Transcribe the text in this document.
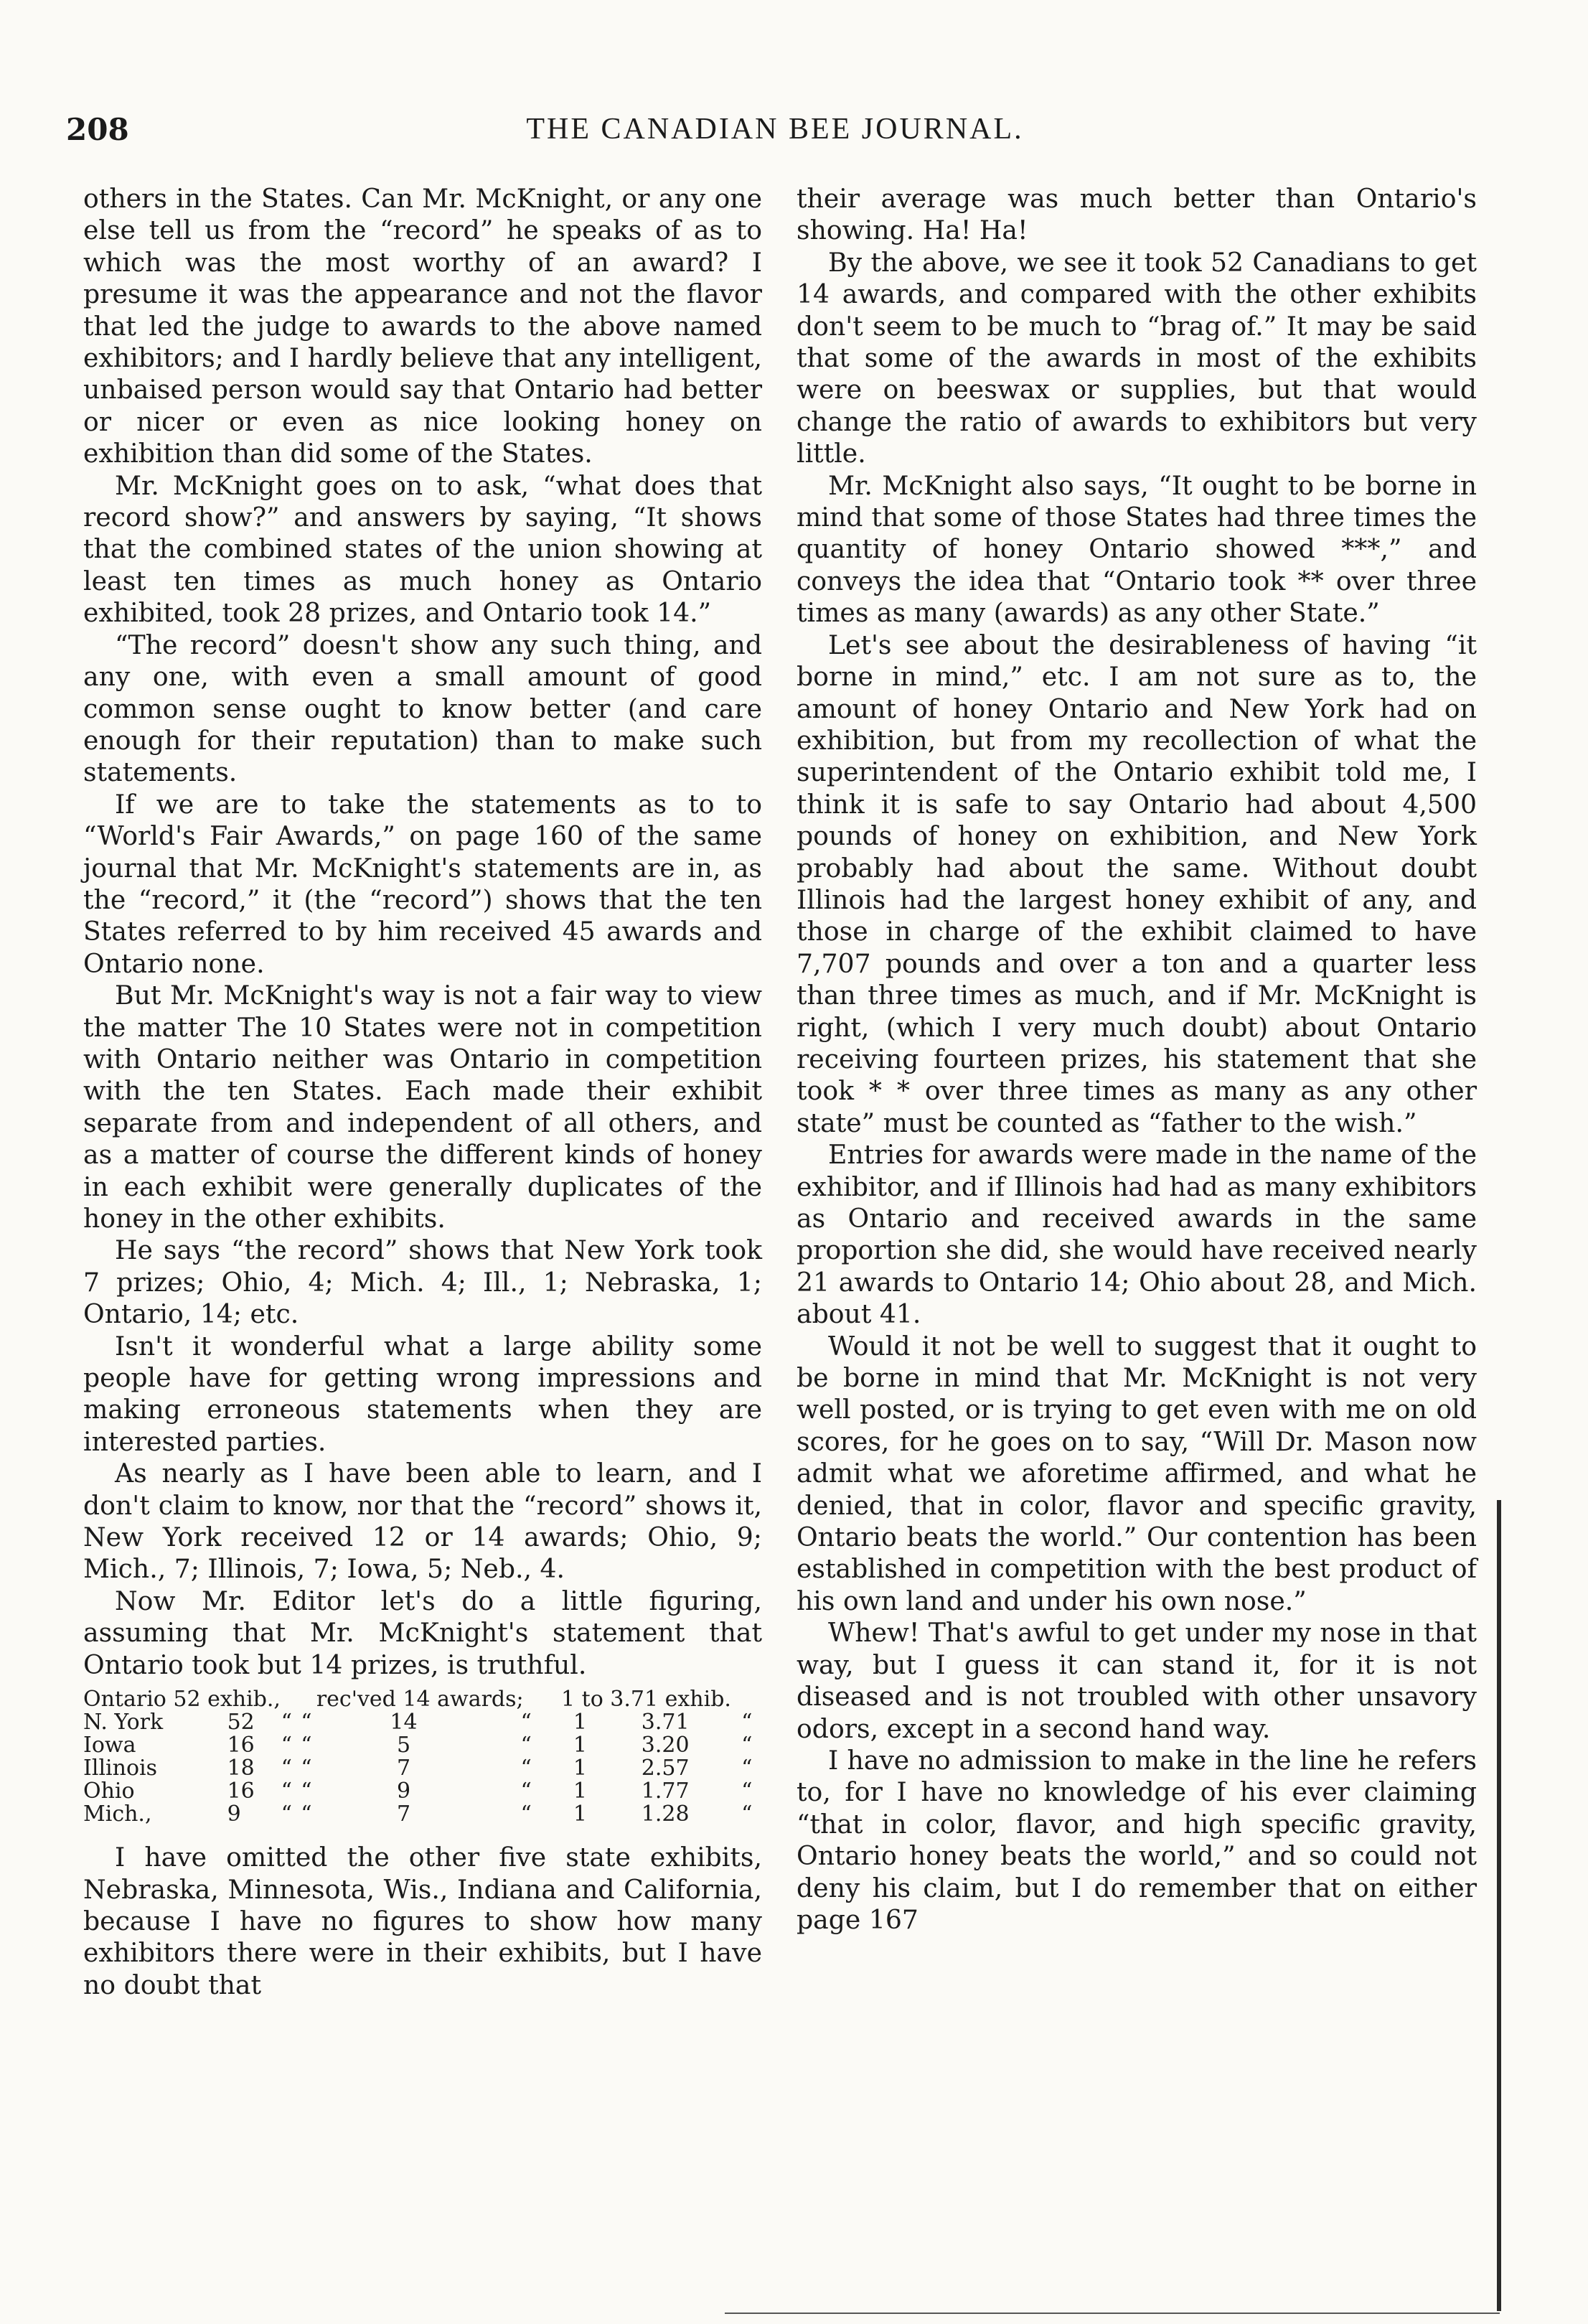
208	THE CANADIAN BEE JOURNAL.

others in the States. Can Mr. McKnight, or any one else tell us from the “record” he speaks of as to which was the most worthy of an award? I presume it was the appearance and not the flavor that led the judge to awards to the above named exhibitors; and I hardly believe that any intelligent, unbaised person would say that Ontario had better or nicer or even as nice looking honey on exhibition than did some of the States.

Mr. McKnight goes on to ask, “what does that record show?” and answers by saying, “It shows that the combined states of the union showing at least ten times as much honey as Ontario exhibited, took 28 prizes, and Ontario took 14.”

“The record” doesn't show any such thing, and any one, with even a small amount of good common sense ought to know better (and care enough for their reputation) than to make such statements.

If we are to take the statements as to to “World's Fair Awards,” on page 160 of the same journal that Mr. McKnight's statements are in, as the “record,” it (the “record”) shows that the ten States referred to by him received 45 awards and Ontario none.

But Mr. McKnight's way is not a fair way to view the matter The 10 States were not in competition with Ontario neither was Ontario in competition with the ten States. Each made their exhibit separate from and independent of all others, and as a matter of course the different kinds of honey in each exhibit were generally duplicates of the honey in the other exhibits.

He says “the record” shows that New York took 7 prizes; Ohio, 4; Mich. 4; Ill., 1; Nebraska, 1; Ontario, 14; etc.

Isn't it wonderful what a large ability some people have for getting wrong impressions and making erroneous statements when they are interested parties.

As nearly as I have been able to learn, and I don't claim to know, nor that the “record” shows it, New York received 12 or 14 awards; Ohio, 9; Mich., 7; Illinois, 7; Iowa, 5; Neb., 4.

Now Mr. Editor let's do a little figuring, assuming that Mr. McKnight's statement that Ontario took but 14 prizes, is truthful.

Ontario 52 exhib.,				rec'ved 14 awards;		1 to 3.71 exhib.		
N. York	52	“	“	14	“	1	3.71	“
Iowa	16	“	“	5	“	1	3.20	“
Illinois	18	“	“	7	“	1	2.57	“
Ohio	16	“	“	9	“	1	1.77	“
Mich.,	9	“	“	7	“	1	1.28	“

I have omitted the other five state exhibits, Nebraska, Minnesota, Wis., Indiana and California, because I have no figures to show how many exhibitors there were in their exhibits, but I have no doubt that

their average was much better than Ontario's showing. Ha! Ha!

By the above, we see it took 52 Canadians to get 14 awards, and compared with the other exhibits don't seem to be much to “brag of.” It may be said that some of the awards in most of the exhibits were on beeswax or supplies, but that would change the ratio of awards to exhibitors but very little.

Mr. McKnight also says, “It ought to be borne in mind that some of those States had three times the quantity of honey Ontario showed ***,” and conveys the idea that “Ontario took ** over three times as many (awards) as any other State.”

Let's see about the desirableness of having “it borne in mind,” etc. I am not sure as to, the amount of honey Ontario and New York had on exhibition, but from my recollection of what the superintendent of the Ontario exhibit told me, I think it is safe to say Ontario had about 4,500 pounds of honey on exhibition, and New York probably had about the same. Without doubt Illinois had the largest honey exhibit of any, and those in charge of the exhibit claimed to have 7,707 pounds and over a ton and a quarter less than three times as much, and if Mr. McKnight is right, (which I very much doubt) about Ontario receiving fourteen prizes, his statement that she took * * over three times as many as any other state” must be counted as “father to the wish.”

Entries for awards were made in the name of the exhibitor, and if Illinois had had as many exhibitors as Ontario and received awards in the same proportion she did, she would have received nearly 21 awards to Ontario 14; Ohio about 28, and Mich. about 41.

Would it not be well to suggest that it ought to be borne in mind that Mr. McKnight is not very well posted, or is trying to get even with me on old scores, for he goes on to say, “Will Dr. Mason now admit what we aforetime affirmed, and what he denied, that in color, flavor and specific gravity, Ontario beats the world.” Our contention has been established in competition with the best product of his own land and under his own nose.”

Whew! That's awful to get under my nose in that way, but I guess it can stand it, for it is not diseased and is not troubled with other unsavory odors, except in a second hand way.

I have no admission to make in the line he refers to, for I have no knowledge of his ever claiming “that in color, flavor, and high specific gravity, Ontario honey beats the world,” and so could not deny his claim, but I do remember that on either page 167
